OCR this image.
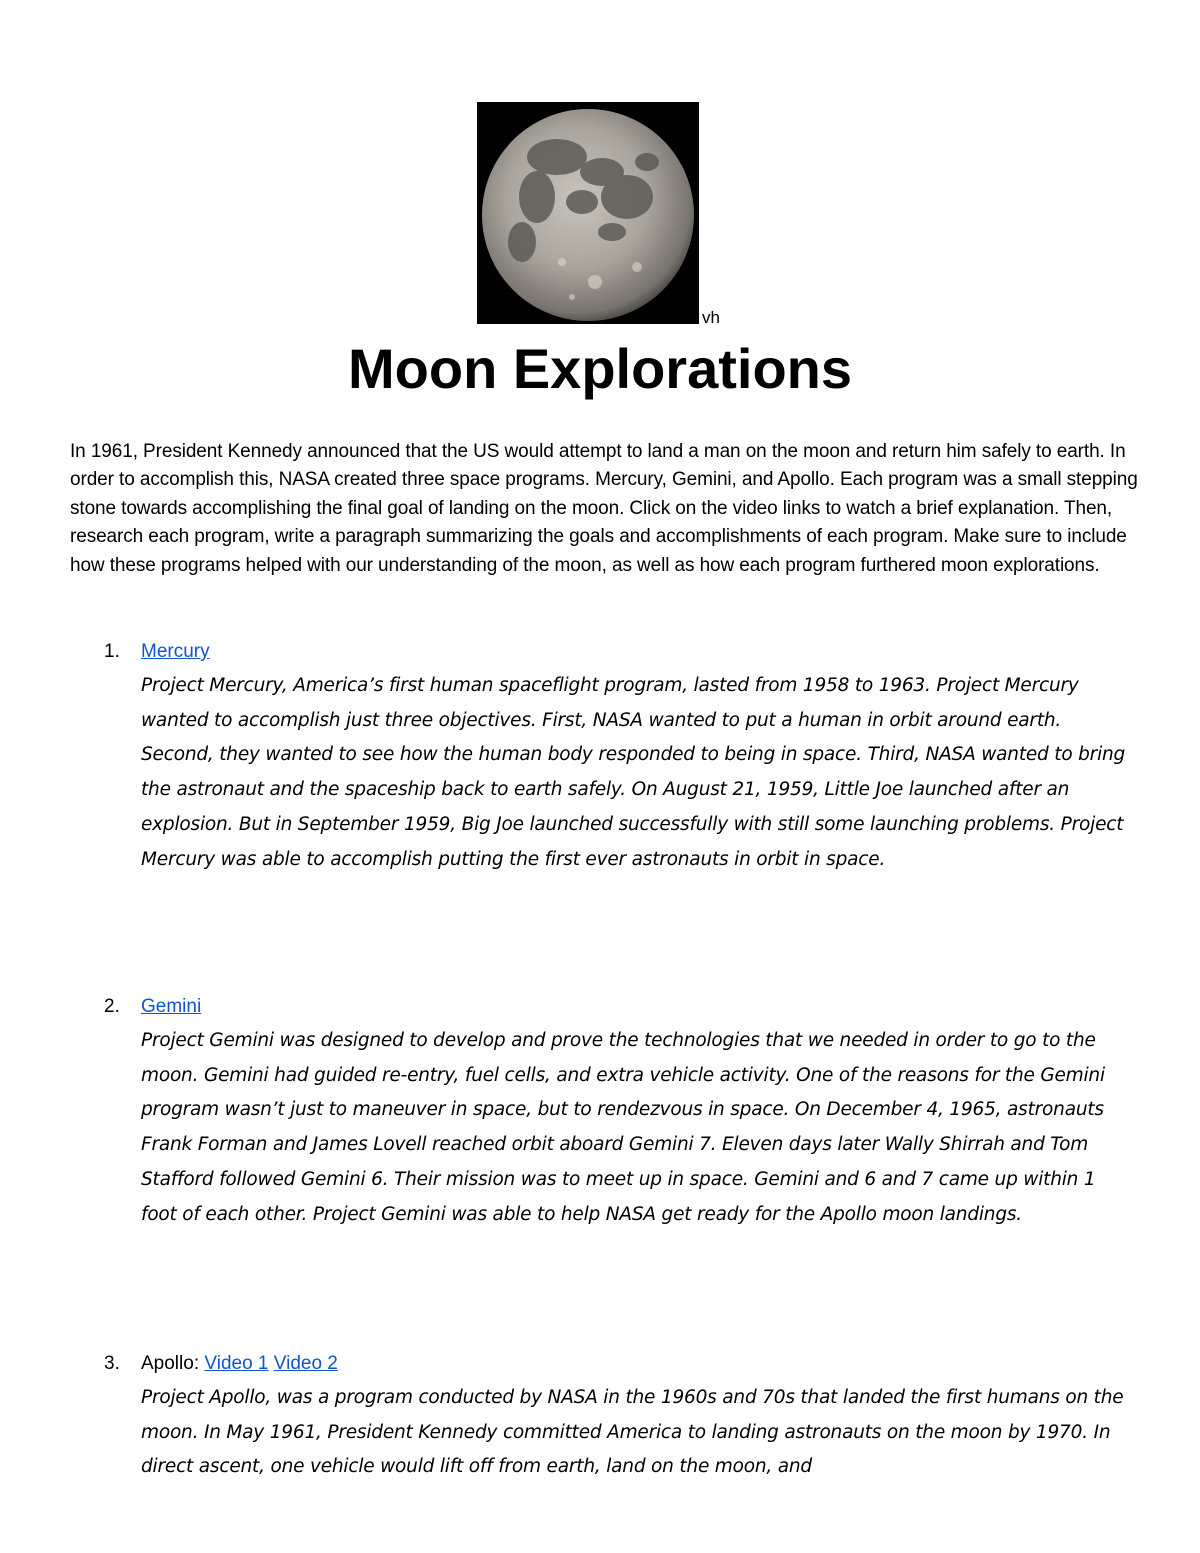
vh
Moon Explorations

In 1961, President Kennedy announced that the US would attempt to land a man on the moon and return him safely to earth. In order to accomplish this, NASA created three space programs. Mercury, Gemini, and Apollo. Each program was a small stepping stone towards accomplishing the final goal of landing on the moon. Click on the video links to watch a brief explanation. Then, research each program, write a paragraph summarizing the goals and accomplishments of each program. Make sure to include how these programs helped with our understanding of the moon, as well as how each program furthered moon explorations.

1. Mercury
Project Mercury, America’s first human spaceflight program, lasted from 1958 to 1963. Project Mercury wanted to accomplish just three objectives. First, NASA wanted to put a human in orbit around earth. Second, they wanted to see how the human body responded to being in space. Third, NASA wanted to bring the astronaut and the spaceship back to earth safely. On August 21, 1959, Little Joe launched after an explosion. But in September 1959, Big Joe launched successfully with still some launching problems. Project Mercury was able to accomplish putting the first ever astronauts in orbit in space.
2. Gemini
Project Gemini was designed to develop and prove the technologies that we needed in order to go to the moon. Gemini had guided re-entry, fuel cells, and extra vehicle activity. One of the reasons for the Gemini program wasn’t just to maneuver in space, but to rendezvous in space. On December 4, 1965, astronauts Frank Forman and James Lovell reached orbit aboard Gemini 7. Eleven days later Wally Shirrah and Tom Stafford followed Gemini 6. Their mission was to meet up in space. Gemini and 6 and 7 came up within 1 foot of each other. Project Gemini was able to help NASA get ready for the Apollo moon landings.
3. Apollo: Video 1 Video 2
Project Apollo, was a program conducted by NASA in the 1960s and 70s that landed the first humans on the moon. In May 1961, President Kennedy committed America to landing astronauts on the moon by 1970. In direct ascent, one vehicle would lift off from earth, land on the moon, and
